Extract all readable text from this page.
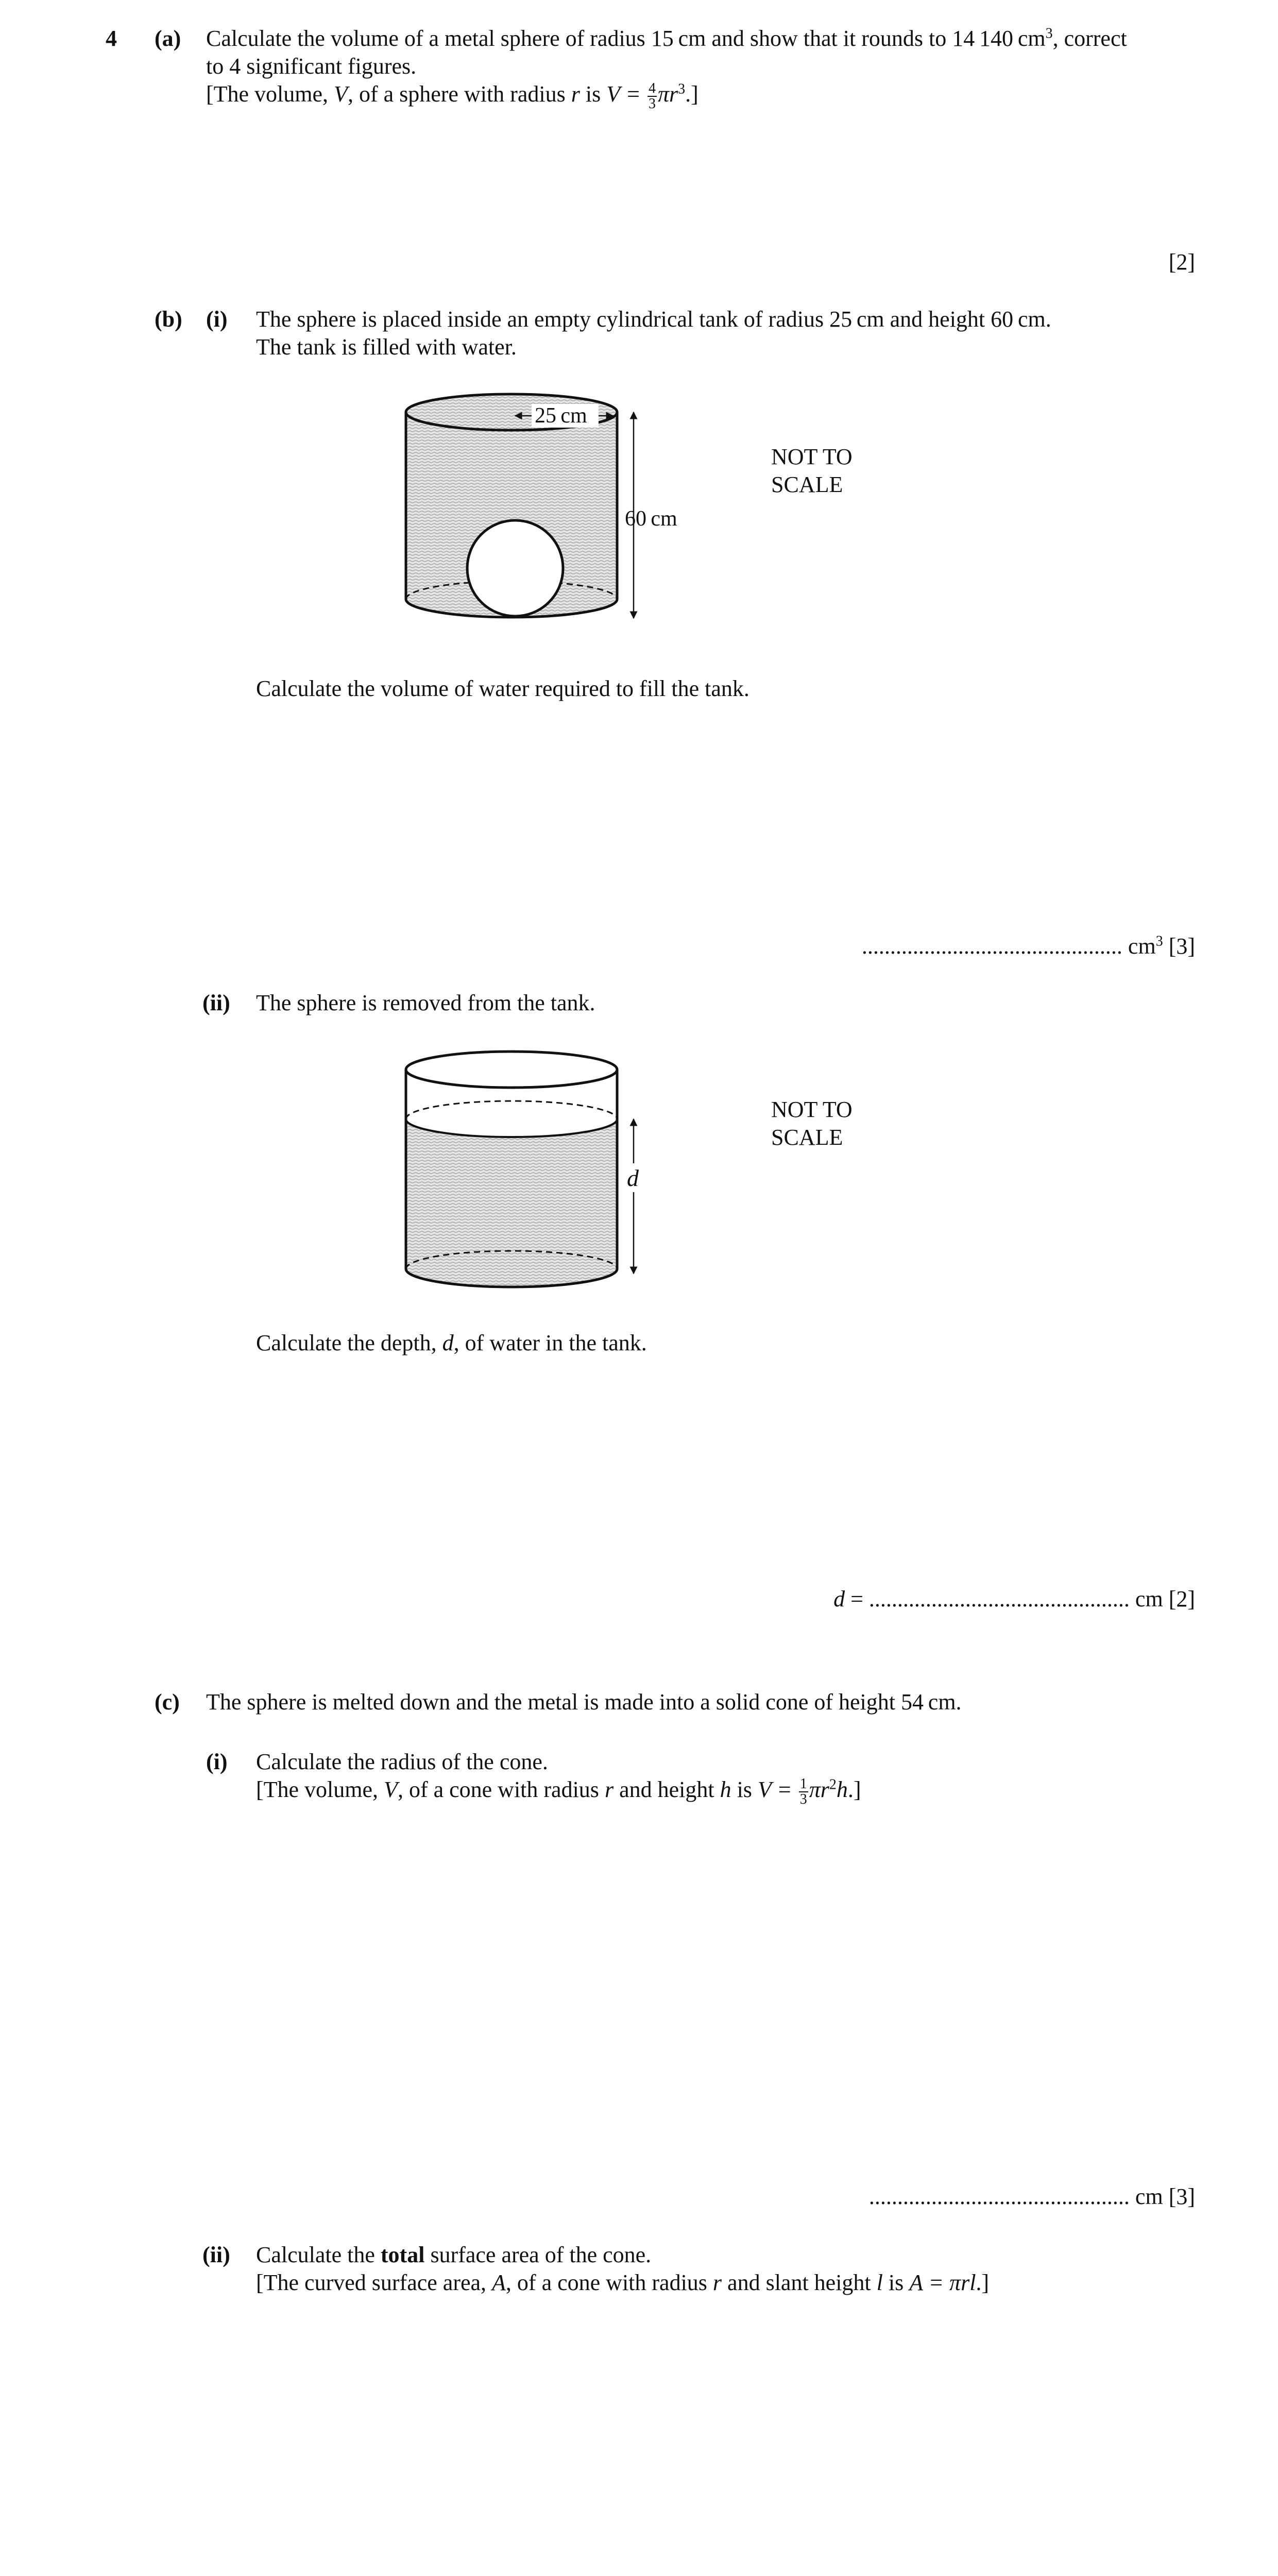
4 (a) Calculate the volume of a metal sphere of radius 15 cm and show that it rounds to 14 140 $cm^3$, correct
to 4 significant figures.
[The volume, V, of a sphere with radius r is $V = \frac{4}{3} \pi r^3$.]
[2]
(b) (i) The sphere is placed inside an empty cylindrical tank of radius 25 cm and height 60 cm.
The tank is filled with water.
25 cm
60 cm
NOT TO
SCALE
Calculate the volume of water required to fill the tank.
.............................................. $cm^3$ [3]
(ii) The sphere is removed from the tank.
d
NOT TO
SCALE
Calculate the depth, d, of water in the tank.
d = .............................................. cm [2]
(c) The sphere is melted down and the metal is made into a solid cone of height 54 cm.
(i) Calculate the radius of the cone.
[The volume, V, of a cone with radius r and height h is $V = \frac{1}{3} \pi r^2h$.]
.............................................. cm [3]
(ii) Calculate the total surface area of the cone.
[The curved surface area, A, of a cone with radius r and slant height l is A = πrl.]
